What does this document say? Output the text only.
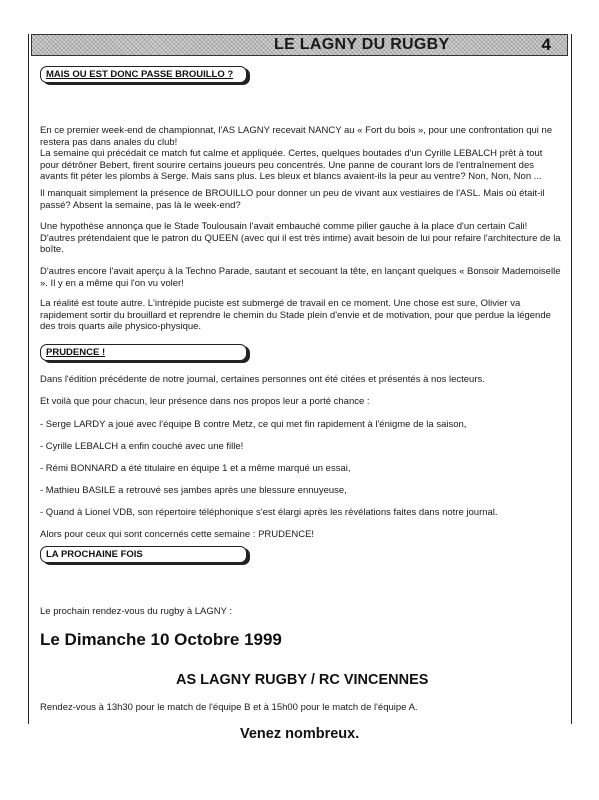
LE LAGNY DU RUGBY	4
MAIS OU EST DONC PASSE BROUILLO ?

En ce premier week-end de championnat, l'AS LAGNY recevait NANCY au « Fort du bois », pour une confrontation qui ne restera pas dans anales du club!

La semaine qui précédait ce match fut calme et appliquée. Certes, quelques boutades d'un Cyrille LEBALCH prêt à tout pour détrôner Bebert, firent sourire certains joueurs peu concentrés. Une panne de courant lors de l'entraînement des avants fit péter les plombs à Serge. Mais sans plus. Les bleux et blancs avaient-ils la peur au ventre? Non, Non, Non ...

Il manquait simplement la présence de BROUILLO pour donner un peu de vivant aux vestiaires de l'ASL. Mais où était-il passé? Absent la semaine, pas là le week-end?

Une hypothèse annonça que le Stade Toulousain l'avait embauché comme pilier gauche à la place d'un certain Cali! D'autres prétendaient que le patron du QUEEN (avec qui il est très intime) avait besoin de lui pour refaire l'architecture de la boîte.

D'autres encore l'avait aperçu à la Techno Parade, sautant et secouant la tête, en lançant quelques « Bonsoir Mademoiselle ». Il y en a même qui l'on vu voler!

La réalité est toute autre. L'intrépide puciste est submergé de travail en ce moment. Une chose est sure, Olivier va rapidement sortir du brouillard et reprendre le chemin du Stade plein d'envie et de motivation, pour que perdue la légende des trois quarts aile physico-physique.

PRUDENCE !

Dans l'édition précédente de notre journal, certaines personnes ont été citées et présentés à nos lecteurs.

Et voilà que pour chacun, leur présence dans nos propos leur a porté chance :

- Serge LARDY a joué avec l'équipe B contre Metz, ce qui met fin rapidement à l'énigme de la saison,

- Cyrille LEBALCH a enfin couché avec une fille!

- Rémi BONNARD a été titulaire en équipe 1 et a même marqué un essai,

- Mathieu BASILE a retrouvé ses jambes après une blessure ennuyeuse,

- Quand à Lionel VDB, son répertoire téléphonique s'est élargi après les révélations faites dans notre journal.

Alors pour ceux qui sont concernés cette semaine : PRUDENCE!

LA PROCHAINE FOIS

Le prochain rendez-vous du rugby à LAGNY :

Le Dimanche 10 Octobre 1999
AS LAGNY RUGBY / RC VINCENNES

Rendez-vous à 13h30 pour le match de l'équipe B et à 15h00 pour le match de l'équipe A.

Venez nombreux.
